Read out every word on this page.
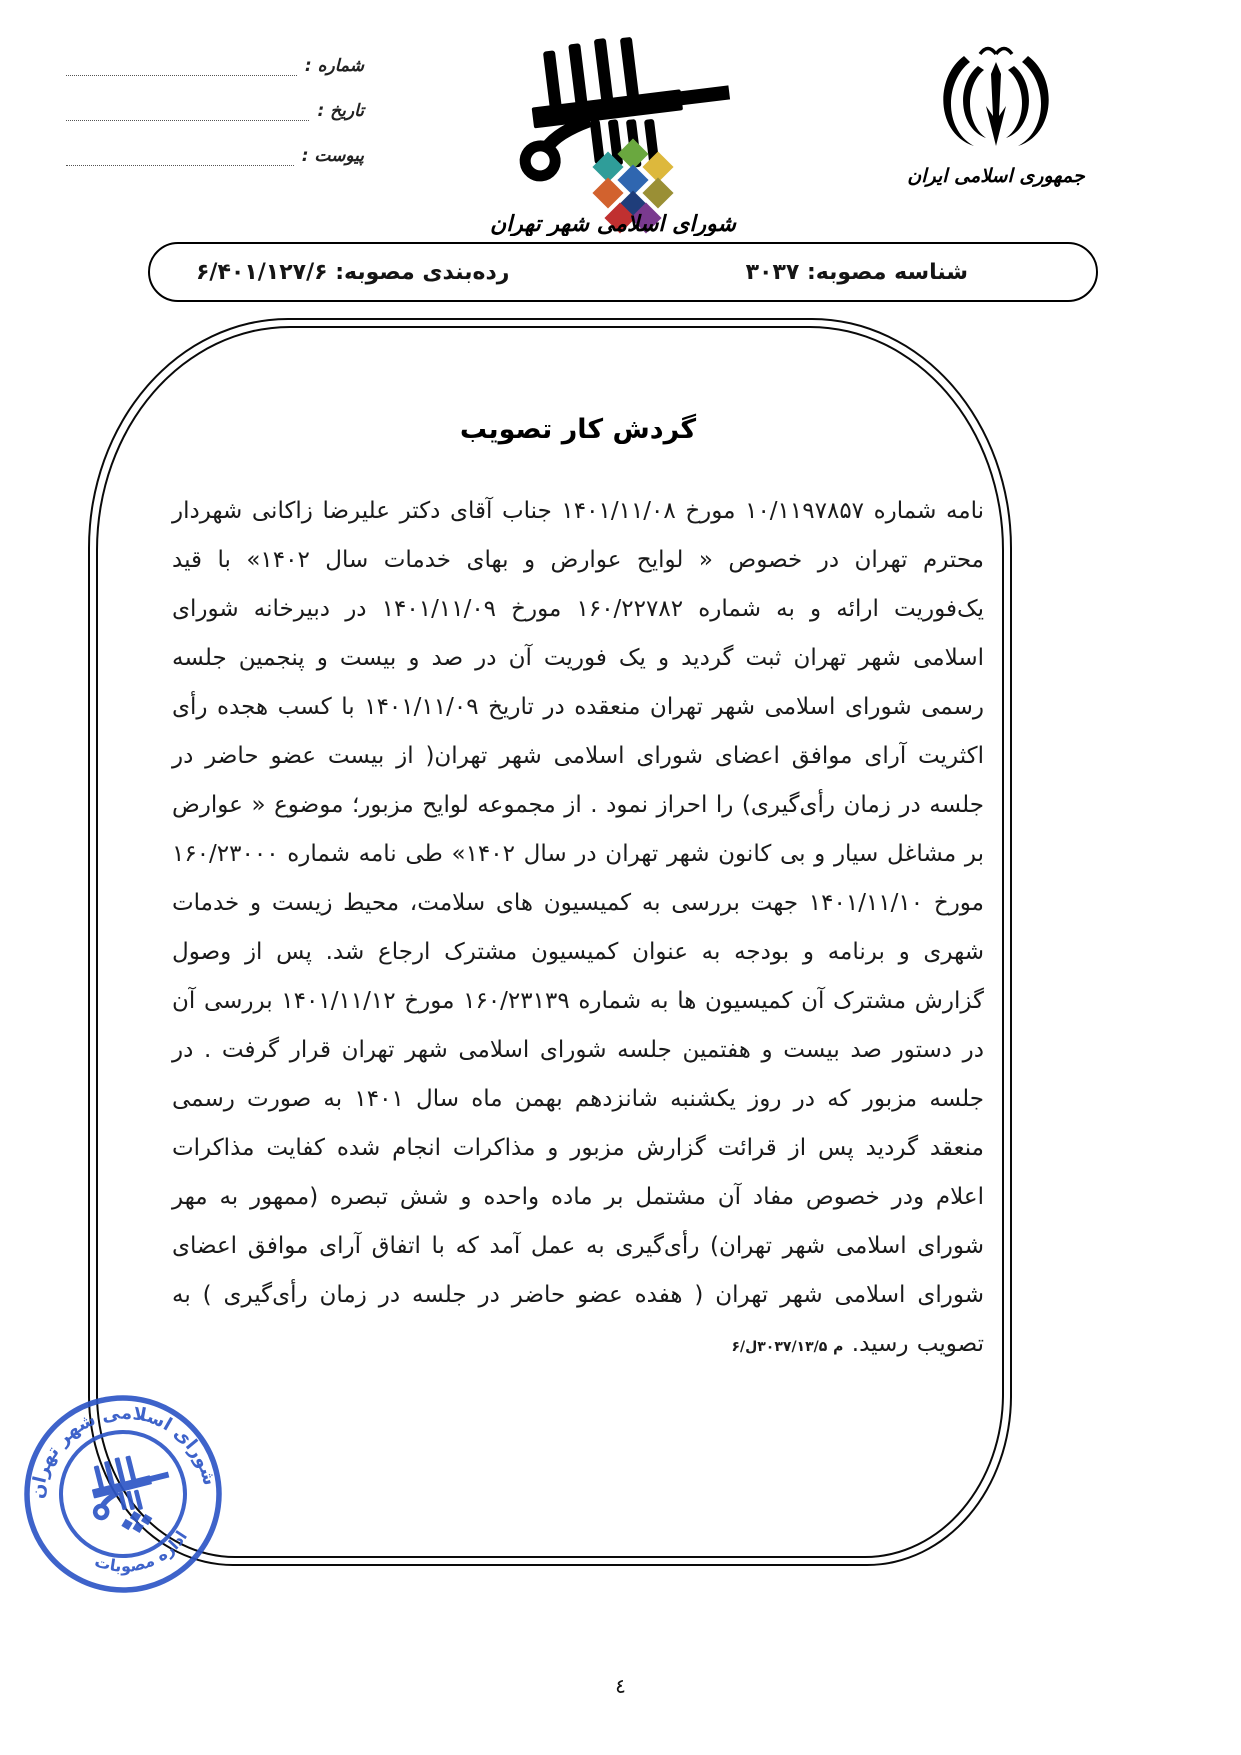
شماره :
تاریخ :
پیوست :
شورای اسلامی شهر تهران
جمهوری اسلامی ایران
شناسه مصوبه: ۳۰۳۷
رده‌بندی مصوبه: ۶/۴۰۱/۱۲۷/۶
گردش کار تصویب

نامه شماره ۱۰/۱۱۹۷۸۵۷ مورخ ۱۴۰۱/۱۱/۰۸ جناب آقای دکتر علیرضا زاکانی شهردار محترم تهران در خصوص « لوایح عوارض و بهای خدمات سال ۱۴۰۲» با قید یک‌فوریت ارائه و به شماره ۱۶۰/۲۲۷۸۲ مورخ ۱۴۰۱/۱۱/۰۹ در دبیرخانه شورای اسلامی شهر تهران ثبت گردید و یک فوریت آن در صد و بیست و پنجمین جلسه رسمی شورای اسلامی شهر تهران منعقده در تاریخ ۱۴۰۱/۱۱/۰۹ با کسب هجده رأی اکثریت آرای موافق اعضای شورای اسلامی شهر تهران( از بیست عضو حاضر در جلسه در زمان رأی‌گیری) را احراز نمود . از مجموعه لوایح مزبور؛ موضوع « عوارض بر مشاغل سیار و بی کانون شهر تهران در سال ۱۴۰۲» طی نامه شماره ۱۶۰/۲۳۰۰۰ مورخ ۱۴۰۱/۱۱/۱۰ جهت بررسی به کمیسیون های سلامت، محیط زیست و خدمات شهری و برنامه و بودجه به عنوان کمیسیون مشترک ارجاع شد. پس از وصول گزارش مشترک آن کمیسیون ها به شماره ۱۶۰/۲۳۱۳۹ مورخ ۱۴۰۱/۱۱/۱۲ بررسی آن در دستور صد بیست و هفتمین جلسه شورای اسلامی شهر تهران قرار گرفت . در جلسه مزبور که در روز یکشنبه شانزدهم بهمن ماه سال ۱۴۰۱ به صورت رسمی منعقد گردید پس از قرائت گزارش مزبور و مذاکرات انجام شده کفایت مذاکرات اعلام ودر خصوص مفاد آن مشتمل بر ماده واحده و شش تبصره (ممهور به مهر شورای اسلامی شهر تهران) رأی‌گیری به عمل آمد که با اتفاق آرای موافق اعضای شورای اسلامی شهر تهران ( هفده عضو حاضر در جلسه در زمان رأی‌گیری ) به تصویب رسید. م ۳۰۳۷/۱۳/۵ل/۶

شورای اسلامی شهر تهران
اداره مصوبات
٤
